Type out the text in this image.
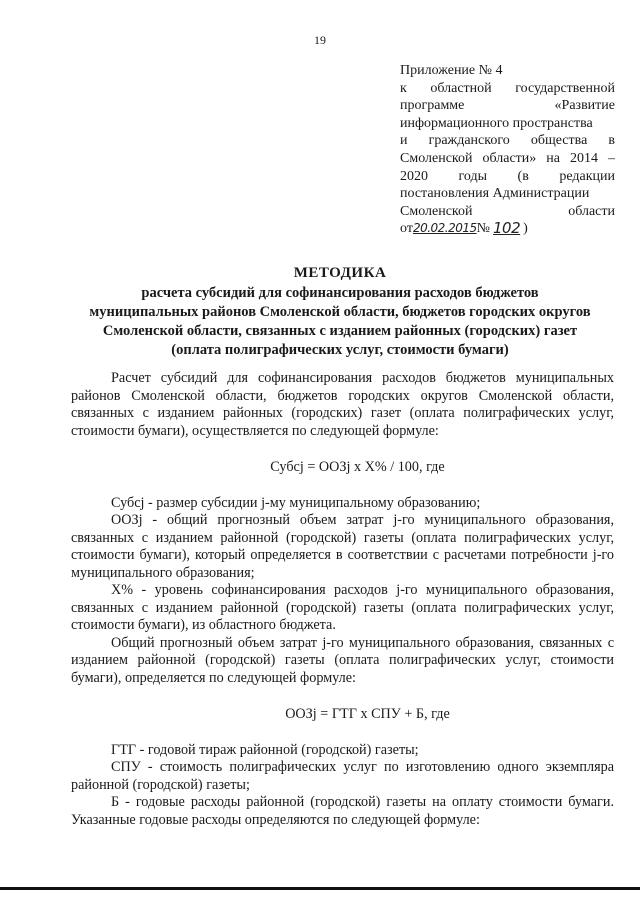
19
Приложение № 4
к областной государственной
программе «Развитие
информационного пространства
и гражданского общества в
Смоленской области» на 2014 –
2020 годы (в редакции
постановления Администрации
Смоленской области
от 20.02.2015 № 102 )
МЕТОДИКА
расчета субсидий для софинансирования расходов бюджетов
муниципальных районов Смоленской области, бюджетов городских округов
Смоленской области, связанных с изданием районных (городских) газет
(оплата полиграфических услуг, стоимости бумаги)

Расчет субсидий для софинансирования расходов бюджетов муниципальных районов Смоленской области, бюджетов городских округов Смоленской области, связанных с изданием районных (городских) газет (оплата полиграфических услуг, стоимости бумаги), осуществляется по следующей формуле:

Субсj = ООЗj x X% / 100, где

Субсj - размер субсидии j-му муниципальному образованию;

ООЗj - общий прогнозный объем затрат j-го муниципального образования, связанных с изданием районной (городской) газеты (оплата полиграфических услуг, стоимости бумаги), который определяется в соответствии с расчетами потребности j-го муниципального образования;

X% - уровень софинансирования расходов j-го муниципального образования, связанных с изданием районной (городской) газеты (оплата полиграфических услуг, стоимости бумаги), из областного бюджета.

Общий прогнозный объем затрат j-го муниципального образования, связанных с изданием районной (городской) газеты (оплата полиграфических услуг, стоимости бумаги), определяется по следующей формуле:

ООЗj = ГТГ x СПУ + Б, где

ГТГ - годовой тираж районной (городской) газеты;

СПУ - стоимость полиграфических услуг по изготовлению одного экземпляра районной (городской) газеты;

Б - годовые расходы районной (городской) газеты на оплату стоимости бумаги. Указанные годовые расходы определяются по следующей формуле:
